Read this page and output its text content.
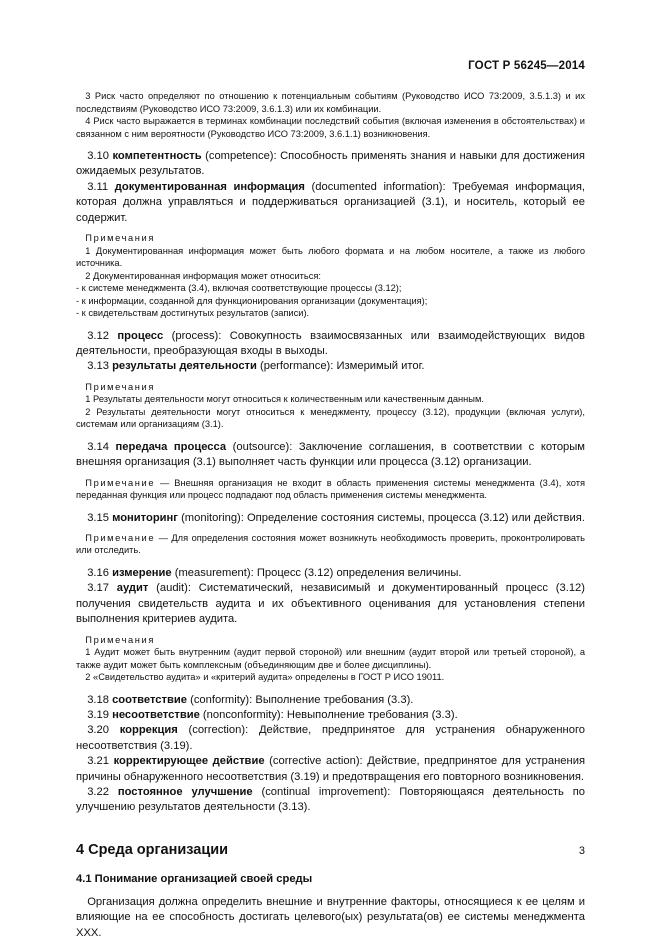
ГОСТ Р 56245—2014

3 Риск часто определяют по отношению к потенциальным событиям (Руководство ИСО 73:2009, 3.5.1.3) и их последствиям (Руководство ИСО 73:2009, 3.6.1.3) или их комбинации.

4 Риск часто выражается в терминах комбинации последствий события (включая изменения в обстоятельствах) и связанном с ним вероятности (Руководство ИСО 73:2009, 3.6.1.1) возникновения.

3.10 компетентность (competence): Способность применять знания и навыки для достижения ожидаемых результатов.

3.11 документированная информация (documented information): Требуемая информация, которая должна управляться и поддерживаться организацией (3.1), и носитель, который ее содержит.

Примечания

1 Документированная информация может быть любого формата и на любом носителе, а также из любого источника.

2 Документированная информация может относиться:

- к системе менеджмента (3.4), включая соответствующие процессы (3.12);

- к информации, созданной для функционирования организации (документация);

- к свидетельствам достигнутых результатов (записи).

3.12 процесс (process): Совокупность взаимосвязанных или взаимодействующих видов деятельности, преобразующая входы в выходы.

3.13 результаты деятельности (performance): Измеримый итог.

Примечания

1 Результаты деятельности могут относиться к количественным или качественным данным.

2 Результаты деятельности могут относиться к менеджменту, процессу (3.12), продукции (включая услуги), системам или организациям (3.1).

3.14 передача процесса (outsource): Заключение соглашения, в соответствии с которым внешняя организация (3.1) выполняет часть функции или процесса (3.12) организации.

Примечание — Внешняя организация не входит в область применения системы менеджмента (3.4), хотя переданная функция или процесс подпадают под область применения системы менеджмента.

3.15 мониторинг (monitoring): Определение состояния системы, процесса (3.12) или действия.

Примечание — Для определения состояния может возникнуть необходимость проверить, проконтролировать или отследить.

3.16 измерение (measurement): Процесс (3.12) определения величины.

3.17 аудит (audit): Систематический, независимый и документированный процесс (3.12) получения свидетельств аудита и их объективного оценивания для установления степени выполнения критериев аудита.

Примечания

1 Аудит может быть внутренним (аудит первой стороной) или внешним (аудит второй или третьей стороной), а также аудит может быть комплексным (объединяющим две и более дисциплины).

2 «Свидетельство аудита» и «критерий аудита» определены в ГОСТ Р ИСО 19011.

3.18 соответствие (conformity): Выполнение требования (3.3).

3.19 несоответствие (nonconformity): Невыполнение требования (3.3).

3.20 коррекция (correction): Действие, предпринятое для устранения обнаруженного несоответствия (3.19).

3.21 корректирующее действие (corrective action): Действие, предпринятое для устранения причины обнаруженного несоответствия (3.19) и предотвращения его повторного возникновения.

3.22 постоянное улучшение (continual improvement): Повторяющаяся деятельность по улучшению результатов деятельности (3.13).

4 Среда организации

4.1 Понимание организацией своей среды

Организация должна определить внешние и внутренние факторы, относящиеся к ее целям и влияющие на ее способность достигать целевого(ых) результата(ов) ее системы менеджмента XXX.

3
